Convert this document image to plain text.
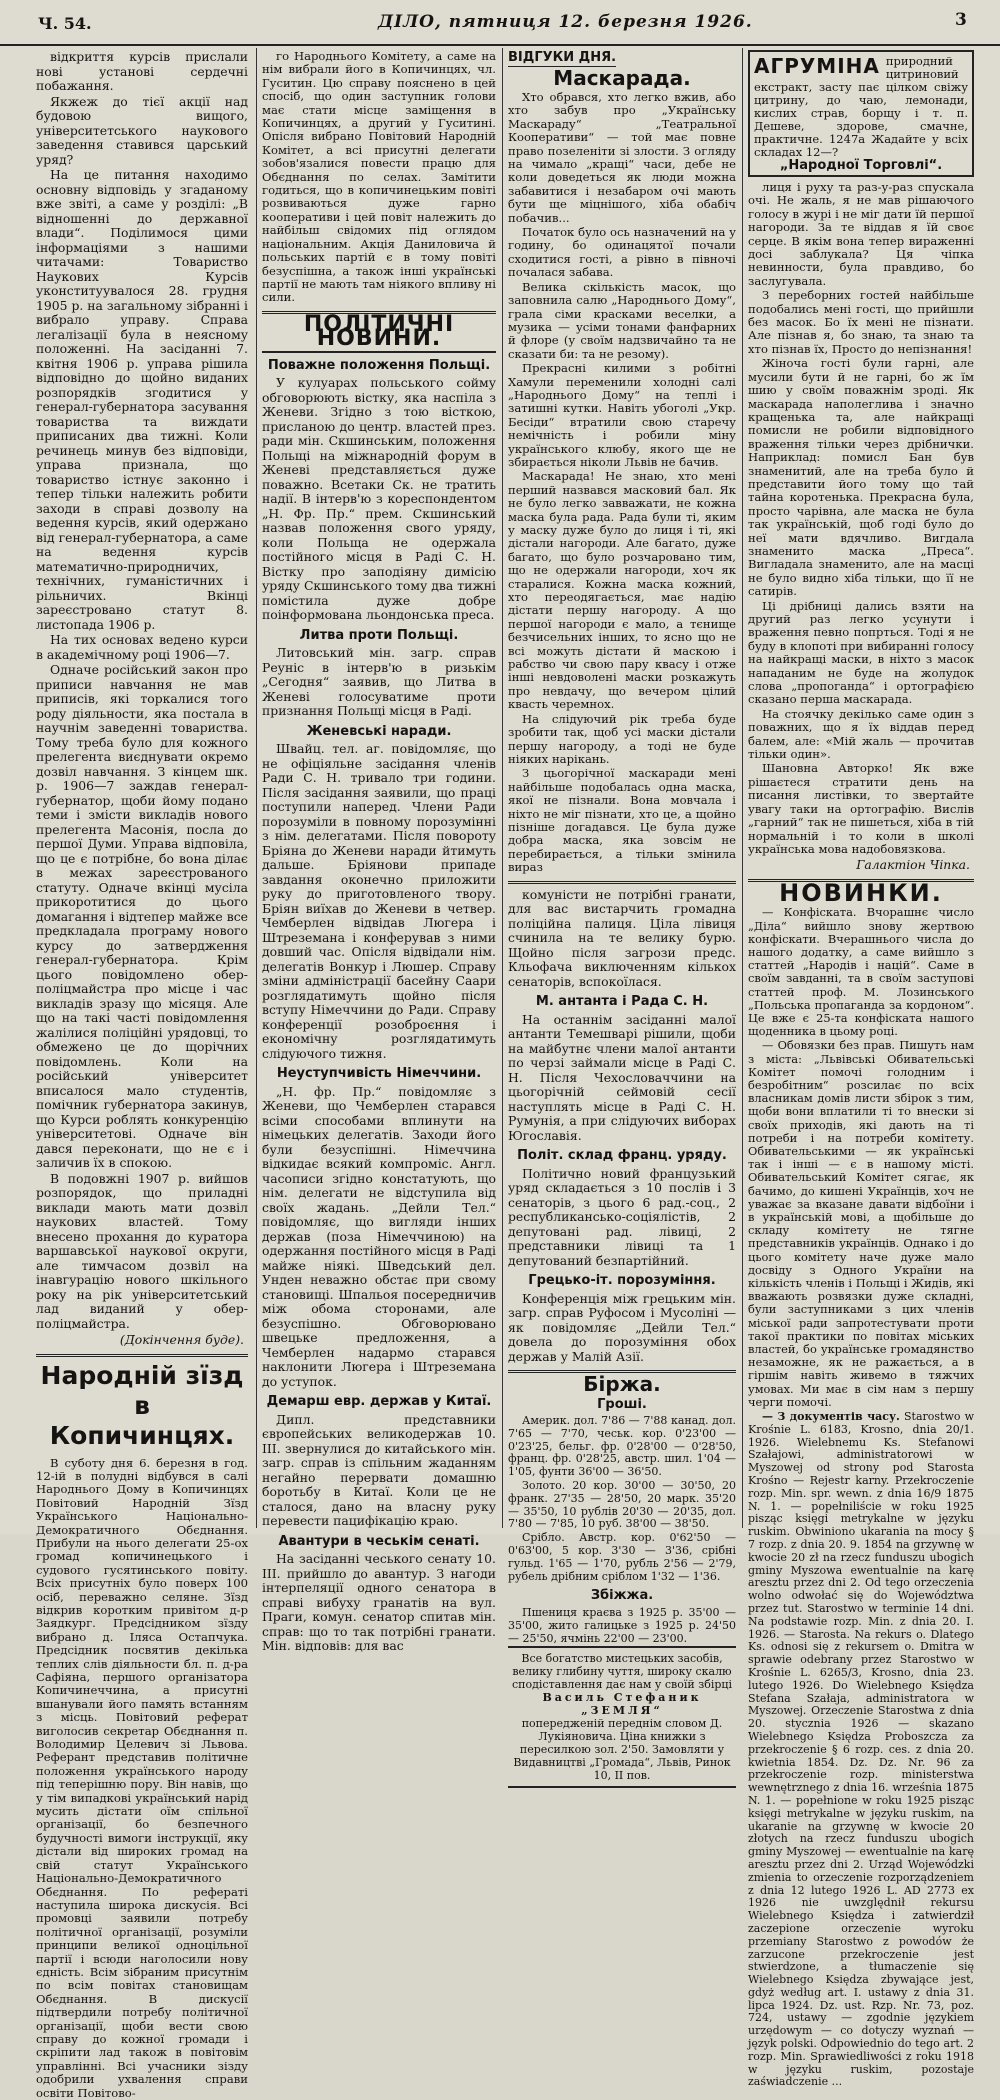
Ч. 54.	ДІЛО, пятниця 12. березня 1926.	3

відкриття курсів прислали нові установі сердечні побажання.

Якжеж до тієї акції над будовою вищого, університетського наукового заведення ставився царський уряд?

На це питання находимо основну відповідь у згаданому вже звіті, а саме у розділі: „В відношенні до державної влади“. Поділимося цими інформаціями з нашими читачами: Товариство Наукових Курсів уконституувалося 28. грудня 1905 р. на загальному зібранні і вибрало управу. Справа легалізації була в неясному положенні. На засіданні 7. квітня 1906 р. управа рішила відповідно до щойно виданих розпорядків згодитися у генерал-губернатора засування товариства та виждати приписаних два тижні. Коли речинець минув без відповіди, управа признала, що товариство істнує законно і тепер тільки належить робити заходи в справі дозволу на ведення курсів, який одержано від генерал-губернатора, а саме на ведення курсів математично-природничих, технічних, гуманістичних і рільничих. Вкінці зареєстровано статут 8. листопада 1906 р.

На тих основах ведено курси в академічному році 1906—7.

Одначе російський закон про приписи навчання не мав приписів, які торкалися того роду діяльности, яка постала в научнім заведенні товариства. Тому треба було для кожного прелегента виєднувати окремо дозвіл навчання. З кінцем шк. р. 1906—7 заждав генерал-губернатор, щоби йому подано теми і змісти викладів нового прелегента Масонія, посла до першої Думи. Управа відповіла, що це є потрібне, бо вона ділає в межах зареєстрованого статуту. Одначе вкінці мусіла прикоротитися до цього домагання і відтепер майже все предкладала програму нового курсу до затвердження генерал-губернатора. Крім цього повідомлено обер-поліцмайстра про місце і час викладів зразу що місяця. Але що на такі часті повідомлення жалілися поліційні урядовці, то обмежено це до щорічних повідомлень. Коли на російський університет вписалося мало студентів, помічник губернатора закинув, що Курси роблять конкуренцію університетові. Одначе він дався переконати, що не є і заличив їх в спокою.

В подовжні 1907 р. вийшов розпорядок, що приладні виклади мають мати дозвіл наукових властей. Тому внесено прохання до куратора варшавської наукової округи, але тимчасом дозвіл на інавгурацію нового шкільного року на рік університетський лад виданий у обер-поліцмайстра.

(Докінчення буде).
Народній зїзд в
Копичинцях.

В суботу дня 6. березня в год. 12-ій в полудні відбувся в салі Народнього Дому в Копичинцях Повітовий Народній Зїзд Українського Національно-Демократичного Обєднання. Прибули на нього делегати 25-ох громад копичинецького і судового гусятинського повіту. Всіх присутніх було поверх 100 осіб, переважно селяне. Зїзд відкрив коротким привітом д-р Заядкург. Предсідником зїзду вибрано д. Іляса Остапчука. Предсідник посвятив декілька теплих слів діяльности бл. п. д-ра Сафіяна, першого організатора Копичинеччина, а присутні вшанували його память встанням з місць. Повітовий реферат виголосив секретар Обєднання п. Володимир Целевич зі Львова. Реферант представив політичне положення українського народу під теперішню пору. Він навів, що у тім випадкові український нарід мусить дістати оїм спільної організації, бо безпечного будучності вимоги інструкції, яку дістали від широких громад на свій статут Українського Національно-Демократичного Обєднання. По рефераті наступила широка дискусія. Всі промовці заявили потребу політичної організації, розуміли принципи великої одноцільної партії і всюди наголосили нову єдність. Всім зібраним присутнім по всім повітах становищам Обєднання. В дискусії підтвердили потребу політичної організації, щоби вести свою справу до кожної громади і скріпити лад також в повітовім управлінні. Всі учасники зізду одобрили ухвалення справи освіти Повітово-

го Народнього Комітету, а саме на нім вибрали його в Копичинцях, чл. Гуситин. Цю справу пояснено в цей спосіб, що один заступник голови має стати місце заміщення в Копичинцях, а другий у Гуситині. Опісля вибрано Повітовий Народній Комітет, а всі присутні делегати зобов'язалися повести працю для Обєднання по селах. Замітити годиться, що в копичинецьким повіті розвиваються дуже гарно кооперативи і цей повіт належить до найбільш свідомих під оглядом національним. Акція Даниловича й польських партій є в тому повіті безуспішна, а також інші українські партії не мають там ніякого впливу ні сили.

ПОЛІТИЧНІ НОВИНИ.
Поважне положення Польщі.

У кулуарах польського сойму обговорюють вістку, яка наспіла з Женеви. Згідно з тою вісткою, присланою до центр. властей през. ради мін. Скшинським, положення Польщі на міжнародній форум в Женеві представляється дуже поважно. Всетаки Ск. не тратить надії. В інтерв'ю з кореспондентом „Н. Фр. Пр.“ прем. Скшинський назвав положення свого уряду, коли Польща не одержала постійного місця в Раді С. Н. Вістку про заподіяну димісію уряду Скшинського тому два тижні помістила дуже добре поінформована льондонська преса.

Литва проти Польщі.

Литовський мін. загр. справ Реуніс в інтерв'ю в ризькім „Сегодня“ заявив, що Литва в Женеві голосуватиме проти признання Польщі місця в Раді.

Женевські наради.

Швайц. тел. аг. повідомляє, що не офіціяльне засідання членів Ради С. Н. тривало три години. Після засідання заявили, що праці поступили наперед. Члени Ради порозуміли в повному порозумінні з нім. делегатами. Після повороту Бріяна до Женеви наради йтимуть дальше. Бріянови припаде завдання оконечно приложити руку до приготовленого твору. Бріян виїхав до Женеви в четвер. Чемберлен відвідав Люгера і Штреземана і конферував з ними довший час. Опісля відвідали нім. делегатів Вонкур і Люшер. Справу зміни адміністрації басейну Саари розглядатимуть щойно після вступу Німеччини до Ради. Справу конференції розоброєння і економічну розглядатимуть слідуючого тижня.

Неуступчивість Німеччини.

„Н. фр. Пр.“ повідомляє з Женеви, що Чемберлен старався всіми способами вплинути на німецьких делегатів. Заходи його були безуспішні. Німеччина відкидає всякий компроміс. Англ. часописи згідно констатують, що нім. делегати не відступила від своїх жадань. „Дейли Тел.“ повідомляє, що вигляди інших держав (поза Німеччиною) на одержання постійного місця в Раді майже ніякі. Шведський дел. Унден неважно обстає при свому становищі. Шпальоя посередничив між обома сторонами, але безуспішно. Обговорювано швецьке предложення, а Чемберлен надармо старався наклонити Люгера і Штреземана до уступок.

Демарш евр. держав у Китаї.

Дипл. представники європейських великодержав 10. III. звернулися до китайського мін. загр. справ із спільним жаданням негайно перервати домашню боротьбу в Китаї. Коли це не сталося, дано на власну руку перевести пацифікацію краю.

Авантури в чеськім сенаті.

На засіданні чеського сенату 10. III. прийшло до авантур. З нагоди інтерпеляції одного сенатора в справі вибуху гранатів на вул. Праги, комун. сенатор спитав мін. справ: що то так потрібні гранати. Мін. відповів: для вас

ВІДГУКИ ДНЯ.
Маскарада.

Хто обрався, хто легко вжив, або хто забув про „Українську Маскараду“ „Театральної Кооперативи“ — той має повне право позеленіти зі злости. З огляду на чимало „кращі“ часи, дебе не коли доведеться як люди можна забавитися і незабаром очі мають бути ще міцнішого, хіба обабіч побачив...

Початок було ось назначений на у годину, бо одинацятої почали сходитися гості, а рівно в півночі почалася забава.

Велика скількість масок, що заповнила салю „Народнього Дому“, грала сіми красками веселки, а музика — усіми тонами фанфарних й флоре (у своїм надзвичайно та не сказати би: та не резому).

Прекрасні килими з робітні Хамули переменили холодні салі „Народнього Дому“ на теплі і затишні кутки. Навіть убоголі „Укр. Бесіди“ втратили свою старечу немічність і робили міну українського клюбу, якого ще не збирається ніколи Львів не бачив.

Маскарада! Не знаю, хто мені перший назвався масковий бал. Як не було легко завважати, не кожна маска була рада. Рада були ті, яким у маску дуже було до лиця і ті, які дістали нагороди. Але багато, дуже багато, що було розчаровано тим, що не одержали нагороди, хоч як старалися. Кожна маска кожний, хто переодягається, має надію дістати першу нагороду. А що першої нагороди є мало, а тєнище безчисельних інших, то ясно що не всі можуть дістати й маскою і рабство чи свою пару квасу і отже інші невдоволені маски розкажуть про невдачу, що вечером цілий квасть черемнох.

На слідуючий рік треба буде зробити так, щоб усі маски дістали першу нагороду, а тоді не буде ніяких нарікань.

З цьогорічної маскаради мені найбільше подобалась одна маска, якої не пізнали. Вона мовчала і ніхто не міг пізнати, хто це, а щойно пізніше догадався. Це була дуже добра маска, яка зовсім не перебирається, а тільки змінила вираз

комуністи не потрібні гранати, для вас вистарчить громадна поліційна палиця. Ціла лівиця счинила на те велику бурю. Щойно після загрози предс. Кльофача виключенням кількох сенаторів, вспокоїлася.

М. антанта і Рада С. Н.

На останнім засіданні малої антанти Темешварі рішили, щоби на майбутнє члени малої антанти по черзі займали місце в Раді С. Н. Після Чехословаччини на цьогорічній сеймовій сесії наступлять місце в Раді С. Н. Румунія, а при слідуючих виборах Югославія.

Політ. склад франц. уряду.

Політично новий французький уряд складається з 10 послів і 3 сенаторів, з цього 6 рад.-соц., 2 республикансько-соціялістів, 2 депутовані рад. лівиці, 2 представники лівиці та 1 депутований безпартійний.

Грецько-іт. порозуміння.

Конференція між грецьким мін. загр. справ Руфосом і Мусоліні — як повідомляє „Дейли Тел.“ довела до порозуміння обох держав у Малій Азії.

Біржа.
Гроші.

Америк. дол. 7'86 — 7'88 канад. дол. 7'65 — 7'70, чеськ. кор. 0'23'00 — 0'23'25, бельг. фр. 0'28'00 — 0'28'50, франц. фр. 0'28'25, австр. шил. 1'04 — 1'05, фунти 36'00 — 36'50.

Золото. 20 кор. 30'00 — 30'50, 20 франк. 27'35 — 28'50, 20 марк. 35'20 — 35'50, 10 рублів 20'30 — 20'35, дол. 7'80 — 7'85, 10 руб. 38'00 — 38'50.

Срібло. Австр. кор. 0'62'50 — 0'63'00, 5 кор. 3'30 — 3'36, срібні гульд. 1'65 — 1'70, рубль 2'56 — 2'79, рубель дрібним сріблом 1'32 — 1'36.

Збіжжа.

Пшениця краєва з 1925 р. 35'00 — 35'00, жито галицьке з 1925 р. 24'50 — 25'50, ячмінь 22'00 — 23'00.

Все богатство мистецьких засобів, велику глибину чуття, широку скалю сподіставлення дає нам у своїй збірці
Василь Стефаник
„ЗЕМЛЯ“
попередженій переднім словом Д. Лукіяновича. Ціна книжки з пересилкою зол. 2'50. Замовляти у Видавництві „Громада“, Львів, Ринок 10, II пов.
АГРУМІНА природний цитриновий екстракт, засту пає цілком свіжу цитрину, до чаю, лемонади, кислих страв, борщу і т. п. Дешеве, здорове, смачне, практичне. 1247а Жадайте у всіх складах 12—?
„Народної Торговлі“.

лиця і руху та раз-у-раз спускала очі. Не жаль, я не мав рішаючого голосу в журі і не міг дати їй першої нагороди. За те віддав я їй своє серце. В якім вона тепер вираженні досі заблукала? Ця чіпка невинности, була правдиво, бо заслугувала.

З переборних гостей найбільше подобались мені гості, що прийшли без масок. Бо їх мені не пізнати. Але пізнав я, бо знаю, та знаю та хто пізнав їх, Просто до непізнання!

Жіноча гості були гарні, але мусили бути й не гарні, бо ж їм шию у своїм поважнім зроді. Як маскарада наполеглива і значно кращенька та, але найкращі помисли не робили відповідного враження тільки через дрібнички. Наприклад: помисл Бан був знаменитий, але на треба було й представити його тому що тай тайна коротенька. Прекрасна була, просто чарівна, але маска не була так українській, щоб годі було до неї мати вдячливо. Вигдала знаменито маска „Преса“. Вигладала знаменито, але на масці не було видно хіба тільки, що її не сатирів.

Ці дрібниці дались взяти на другий раз легко усунути і враження певно попрться. Тоді я не буду в клопоті при вибиранні голосу на найкращі маски, в ніхто з масок нападаним не буде на жолудок слова „пропоганда“ і ортографією сказано перша маскарада.

На стоячку декілько саме один з поважних, що я їх віддав перед балем, але: «Мій жаль — прочитав тільки один».

Шановна Авторко! Як вже рішаєтеся стратити день на писання листівки, то звертайте увагу таки на ортографію. Вислів „гарний“ так не пишеться, хіба в тій нормальній і то коли в школі українська мова надобовязкова.

Галактіон Чіпка.
НОВИНКИ.

— Конфіската. Вчорашнє число „Діла“ вийшло знову жертвою конфіскати. Вчерашнього числа до нашого додатку, а саме вийшло з статтей „Народів і націй“. Саме в своїм завданні, та в своїм заступові статтей проф. М. Лозинського „Польська пропаганда за кордоном“. Це вже є 25-та конфіската нашого щоденника в цьому році.

— Обовязки без прав. Пишуть нам з міста: „Львівські Обивательські Комітет помочі голодним і безробітним“ розсилає по всіх власникам домів листи збірок з тим, щоби вони вплатили ті то внески зі своїх приходів, які дають на ті потреби і на потреби комітету. Обивательськими — як українські так і інші — є в нашому місті. Обивательський Комітет сягає, як бачимо, до кишені Українців, хоч не уважає за вказане давати відбоїни і в українській мові, а щобільше до складу комітету не тягне представників українців. Однако і до цього комітету наче дуже мало досвіду з Одного України на кількість членів і Польщі і Жидів, які вважають розвязки дуже складні, були заступниками з цих членів міської ради запротестувати проти такої практики по повітах міських властей, бо українське громадянство незаможне, як не ражається, а в гіршім навіть живемо в тяжчих умовах. Ми має в сім нам з першу черги помочі.

— З документів часу. Starostwo w Krośnie L. 6183, Krosno, dnia 20/1. 1926. Wielebnemu Ks. Stefanowi Szałajowi, administratorowi w Myszowej od strony pod Starosta Krośno — Rejestr karny. Przekroczenie rozp. Min. spr. wewn. z dnia 16/9 1875 N. 1. — popełniliście w roku 1925 pisząc księgi metrykalne w języku ruskim. Obwiniono ukarania na mocy § 7 rozp. z dnia 20. 9. 1854 na grzywnę w kwocie 20 zł na rzecz funduszu ubogich gminy Myszowa ewentualnie na karę aresztu przez dni 2. Od tego orzeczenia wolno odwołać się do Województwa przez tut. Starostwo w terminie 14 dni. Na podstawie rozp. Min. z dnia 20. I. 1926. — Starosta. Na rekurs o. Dlatego Ks. odnosi się z rekursem o. Dmitra w sprawie odebrany przez Starostwo w Krośnie L. 6265/3, Krosno, dnia 23. lutego 1926. Do Wielebnego Księdza Stefana Szałaja, administratora w Myszowej. Orzeczenie Starostwa z dnia 20. stycznia 1926 — skazano Wielebnego Księdza Proboszcza za przekroczenie § 6 rozp. ces. z dnia 20. kwietnia 1854. Dz. Dz. Nr. 96 za przekroczenie rozp. ministerstwa wewnętrznego z dnia 16. września 1875 N. 1. — popełnione w roku 1925 pisząc księgi metrykalne w języku ruskim, na ukaranie na grzywnę w kwocie 20 złotych na rzecz funduszu ubogich gminy Myszowej — ewentualnie na karę aresztu przez dni 2. Urząd Wojewódzki zmienia to orzeczenie rozporządzeniem z dnia 12 lutego 1926 L. AD 2773 ex 1926 nie uwzględnił rekursu Wielebnego Księdza i zatwierdził zaczepione orzeczenie wyroku przemiany Starostwo z powodów że zarzucone przekroczenie jest stwierdzone, a tłumaczenie się Wielebnego Księdza zbywające jest, gdyż według art. I. ustawy z dnia 31. lipca 1924. Dz. ust. Rzp. Nr. 73, poz. 724, ustawy — zgodnie językiem urzędowym — co dotyczy wyznań — język polski. Odpowiednio do tego art. 2 rozp. Min. Sprawiedliwości z roku 1918 w języku ruskim, pozostaje zaświadczenie ...
